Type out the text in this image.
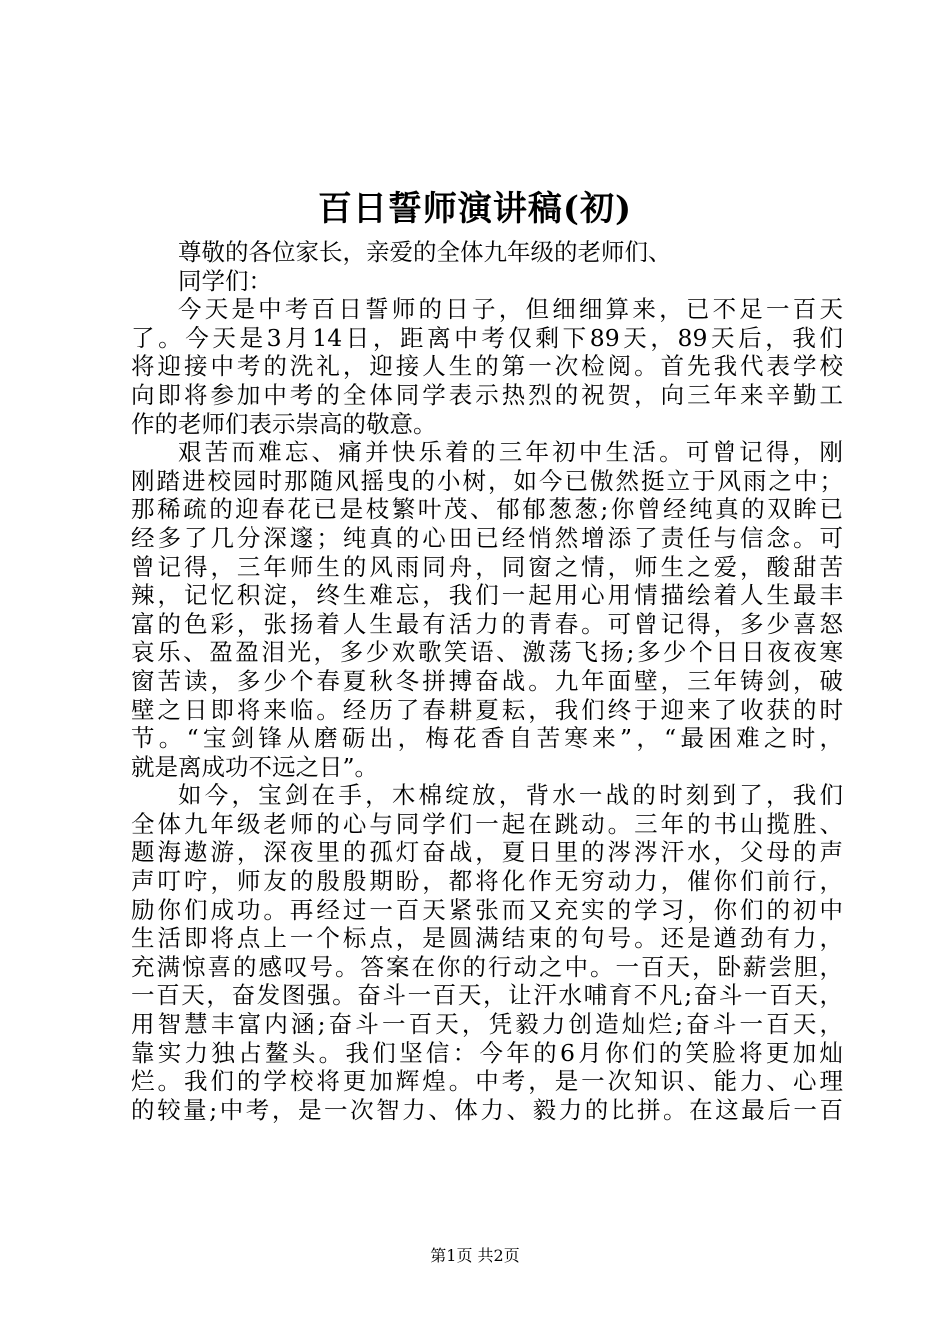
百日誓师演讲稿(初)
尊敬的各位家长，亲爱的全体九年级的老师们、
同学们：
今天是中考百日誓师的日子，但细细算来，已不足一百天
了。今天是3月14日，距离中考仅剩下89天，89天后，我们
将迎接中考的洗礼，迎接人生的第一次检阅。首先我代表学校
向即将参加中考的全体同学表示热烈的祝贺，向三年来辛勤工
作的老师们表示崇高的敬意。
艰苦而难忘、痛并快乐着的三年初中生活。可曾记得，刚
刚踏进校园时那随风摇曳的小树，如今已傲然挺立于风雨之中；
那稀疏的迎春花已是枝繁叶茂、郁郁葱葱;你曾经纯真的双眸已
经多了几分深邃；纯真的心田已经悄然增添了责任与信念。可
曾记得，三年师生的风雨同舟，同窗之情，师生之爱，酸甜苦
辣，记忆积淀，终生难忘，我们一起用心用情描绘着人生最丰
富的色彩，张扬着人生最有活力的青春。可曾记得，多少喜怒
哀乐、盈盈泪光，多少欢歌笑语、激荡飞扬;多少个日日夜夜寒
窗苦读，多少个春夏秋冬拼搏奋战。九年面壁，三年铸剑，破
壁之日即将来临。经历了春耕夏耘，我们终于迎来了收获的时
节。“宝剑锋从磨砺出，梅花香自苦寒来”，“最困难之时，
就是离成功不远之日”。
如今，宝剑在手，木棉绽放，背水一战的时刻到了，我们
全体九年级老师的心与同学们一起在跳动。三年的书山揽胜、
题海遨游，深夜里的孤灯奋战，夏日里的涔涔汗水，父母的声
声叮咛，师友的殷殷期盼，都将化作无穷动力，催你们前行，
励你们成功。再经过一百天紧张而又充实的学习，你们的初中
生活即将点上一个标点，是圆满结束的句号。还是遒劲有力，
充满惊喜的感叹号。答案在你的行动之中。一百天，卧薪尝胆，
一百天，奋发图强。奋斗一百天，让汗水哺育不凡;奋斗一百天，
用智慧丰富内涵;奋斗一百天，凭毅力创造灿烂;奋斗一百天，
靠实力独占鳌头。我们坚信：今年的6月你们的笑脸将更加灿
烂。我们的学校将更加辉煌。中考，是一次知识、能力、心理
的较量;中考，是一次智力、体力、毅力的比拼。在这最后一百
第1页 共2页
